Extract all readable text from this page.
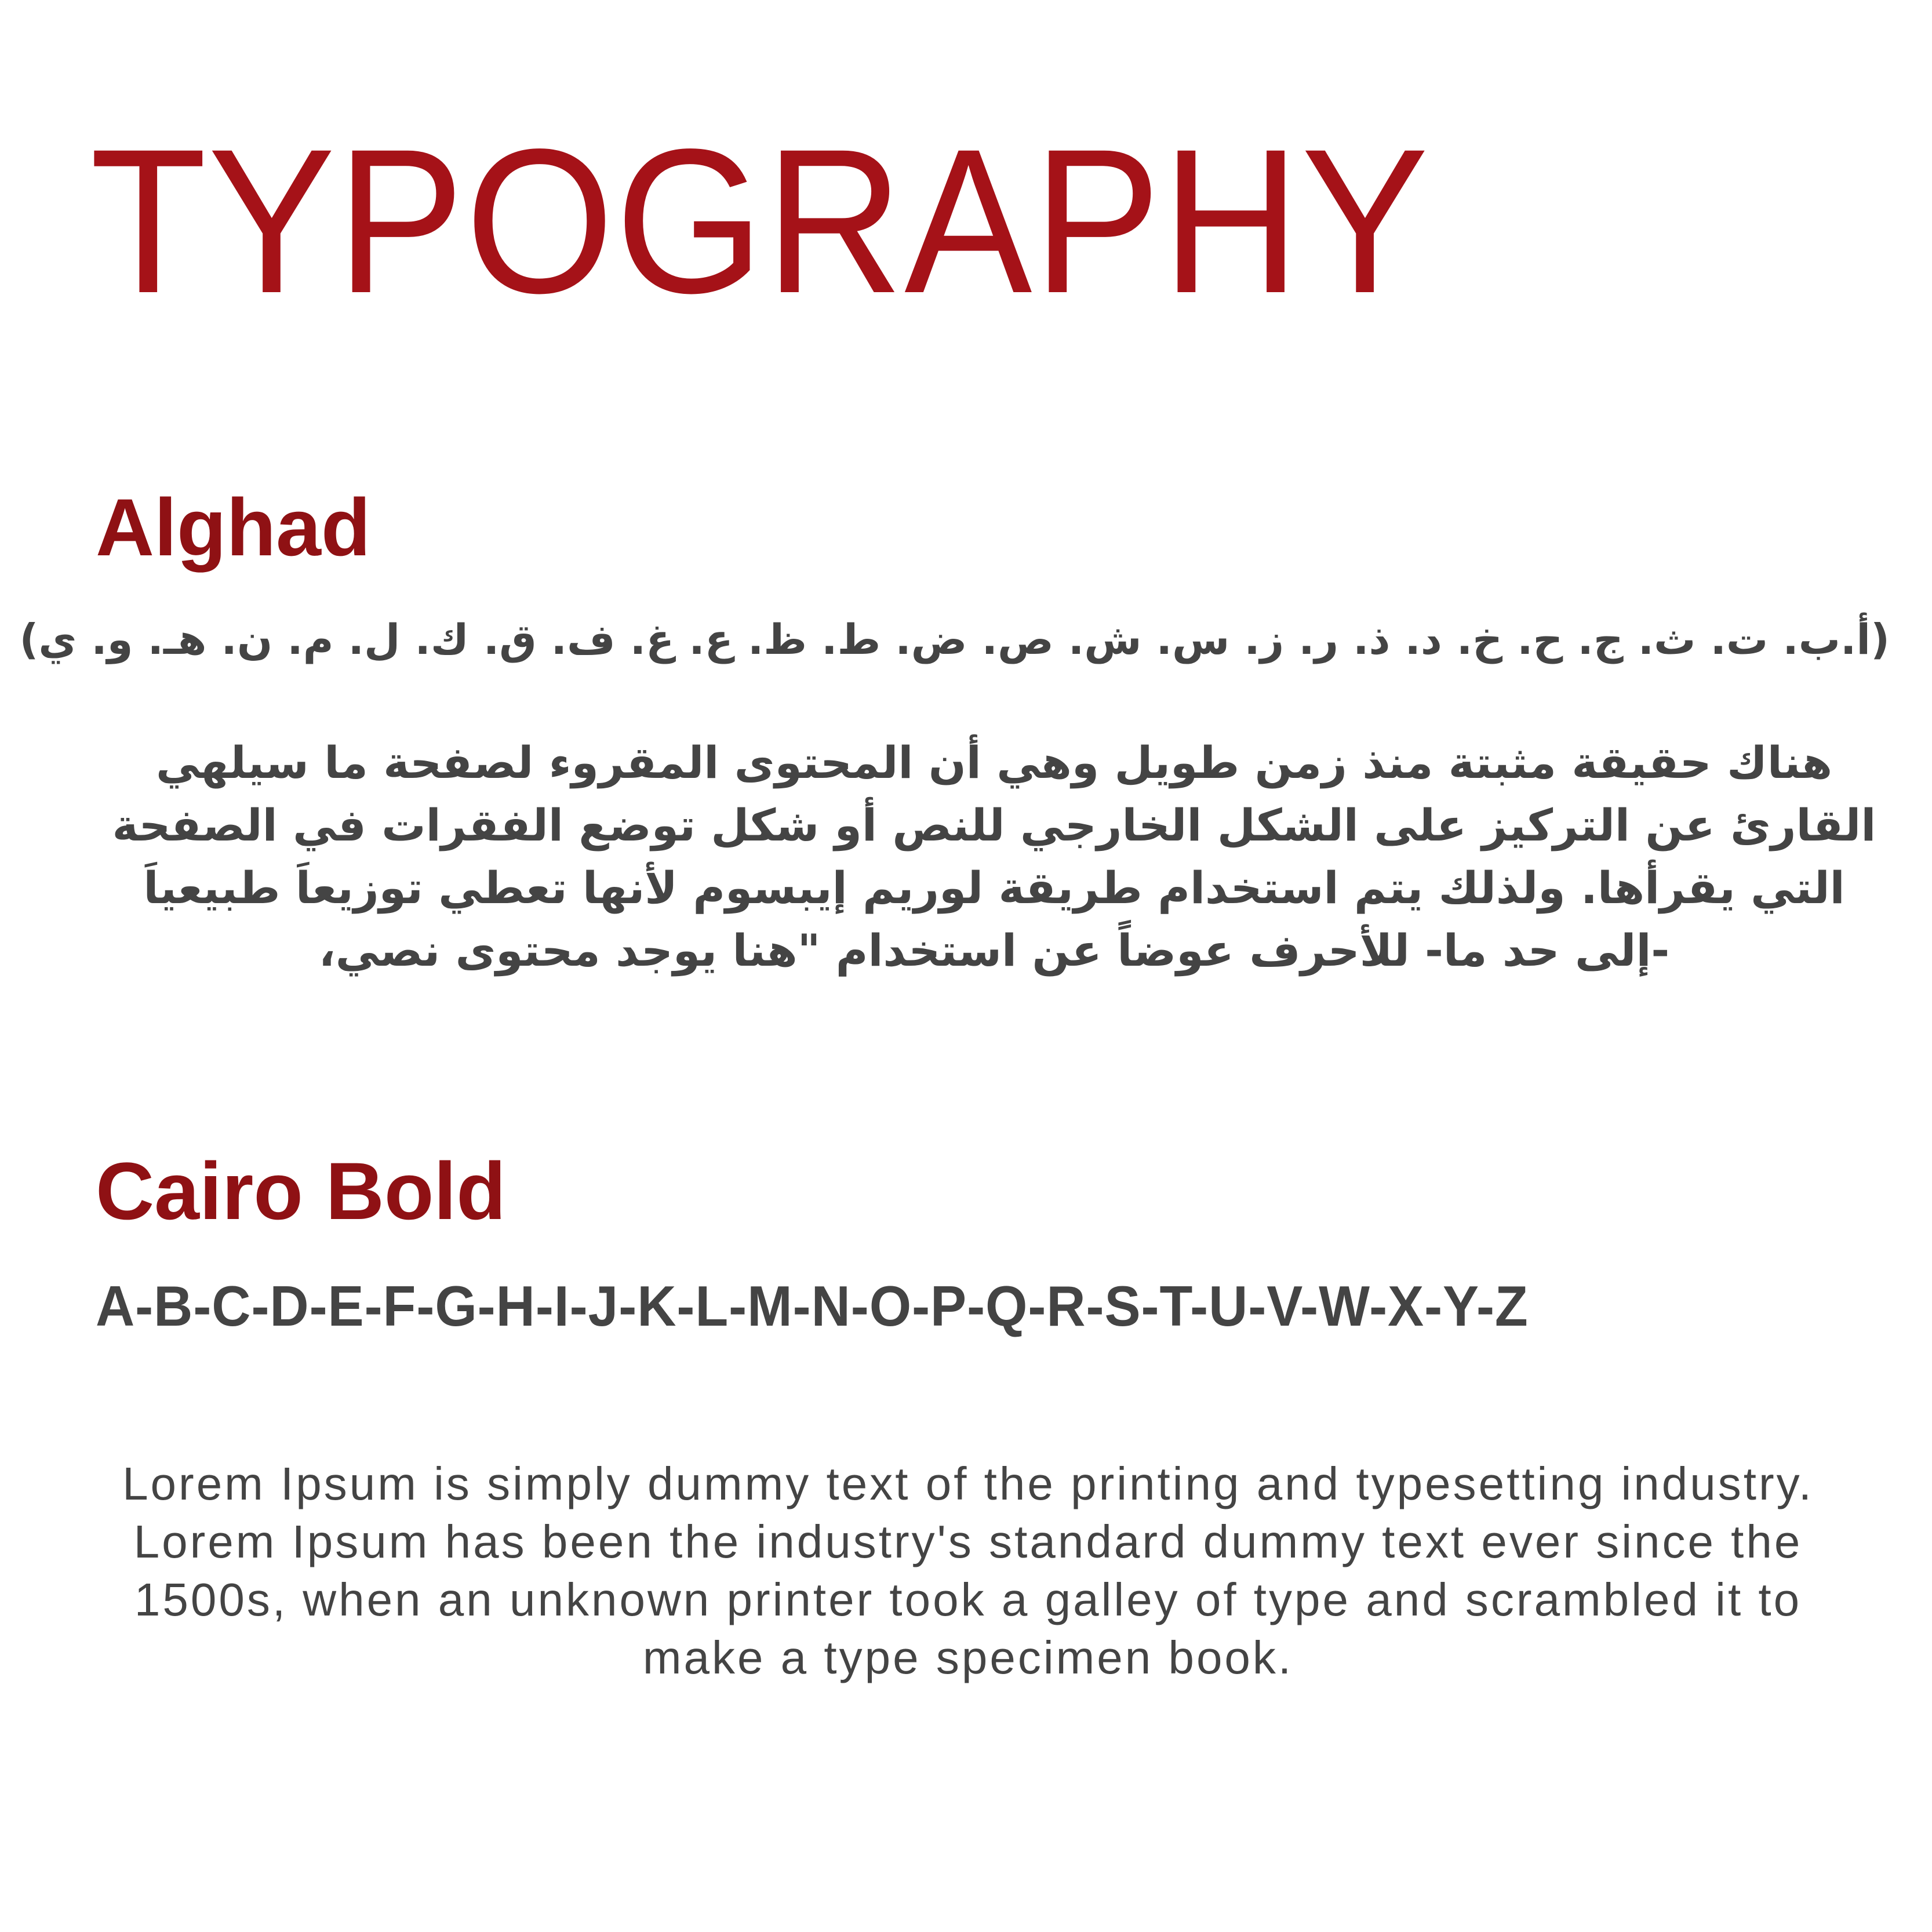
TYPOGRAPHY
Alghad

(أ.ب. ت. ث. ج. ح. خ. د. ذ. ر. ز. س. ش. ص. ض. ط. ظ. ع. غ. ف. ق. ك. ل. م. ن. هـ. و. ي)

هناك حقيقة مثبتة منذ زمن طويل وهي أن المحتوى المقروء لصفحة ما سيلهي القارئ عن التركيز على الشكل الخارجي للنص أو شكل توضع الفقرات في الصفحة التي يقرأها. ولذلك يتم استخدام طريقة لوريم إيبسوم لأنها تعطي توزيعاَ طبيعياَ -إلى حد ما- للأحرف عوضاً عن استخدام "هنا يوجد محتوى نصي،

Cairo Bold

A-B-C-D-E-F-G-H-I-J-K-L-M-N-O-P-Q-R-S-T-U-V-W-X-Y-Z

Lorem Ipsum is simply dummy text of the printing and typesetting industry. Lorem Ipsum has been the industry's standard dummy text ever since the 1500s, when an unknown printer took a galley of type and scrambled it to make a type specimen book.
